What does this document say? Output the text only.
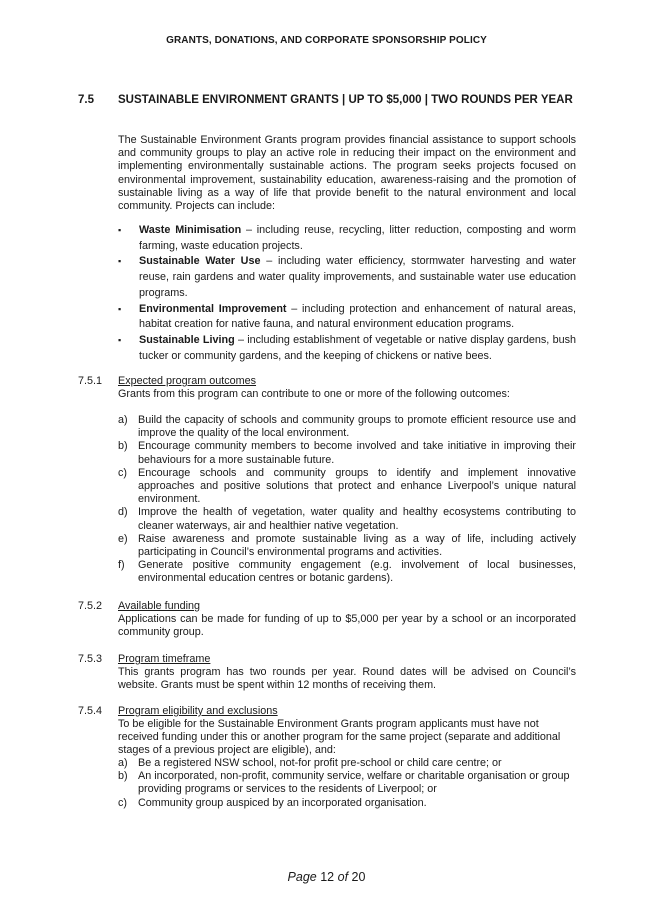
GRANTS, DONATIONS, AND CORPORATE SPONSORSHIP POLICY
7.5 SUSTAINABLE ENVIRONMENT GRANTS | UP TO $5,000 | TWO ROUNDS PER YEAR
The Sustainable Environment Grants program provides financial assistance to support schools and community groups to play an active role in reducing their impact on the environment and implementing environmentally sustainable actions. The program seeks projects focused on environmental improvement, sustainability education, awareness-raising and the promotion of sustainable living as a way of life that provide benefit to the natural environment and local community. Projects can include:
▪ Waste Minimisation – including reuse, recycling, litter reduction, composting and worm farming, waste education projects.
▪ Sustainable Water Use – including water efficiency, stormwater harvesting and water reuse, rain gardens and water quality improvements, and sustainable water use education programs.
▪ Environmental Improvement – including protection and enhancement of natural areas, habitat creation for native fauna, and natural environment education programs.
▪ Sustainable Living – including establishment of vegetable or native display gardens, bush tucker or community gardens, and the keeping of chickens or native bees.
7.5.1 Expected program outcomes
Grants from this program can contribute to one or more of the following outcomes:
a) Build the capacity of schools and community groups to promote efficient resource use and improve the quality of the local environment.
b) Encourage community members to become involved and take initiative in improving their behaviours for a more sustainable future.
c) Encourage schools and community groups to identify and implement innovative approaches and positive solutions that protect and enhance Liverpool’s unique natural environment.
d) Improve the health of vegetation, water quality and healthy ecosystems contributing to cleaner waterways, air and healthier native vegetation.
e) Raise awareness and promote sustainable living as a way of life, including actively participating in Council’s environmental programs and activities.
f) Generate positive community engagement (e.g. involvement of local businesses, environmental education centres or botanic gardens).
7.5.2 Available funding
Applications can be made for funding of up to $5,000 per year by a school or an incorporated community group.
7.5.3 Program timeframe
This grants program has two rounds per year. Round dates will be advised on Council’s website. Grants must be spent within 12 months of receiving them.
7.5.4 Program eligibility and exclusions
To be eligible for the Sustainable Environment Grants program applicants must have not received funding under this or another program for the same project (separate and additional stages of a previous project are eligible), and:
a) Be a registered NSW school, not-for profit pre-school or child care centre; or
b) An incorporated, non-profit, community service, welfare or charitable organisation or group providing programs or services to the residents of Liverpool; or
c) Community group auspiced by an incorporated organisation.
Page 12 of 20
